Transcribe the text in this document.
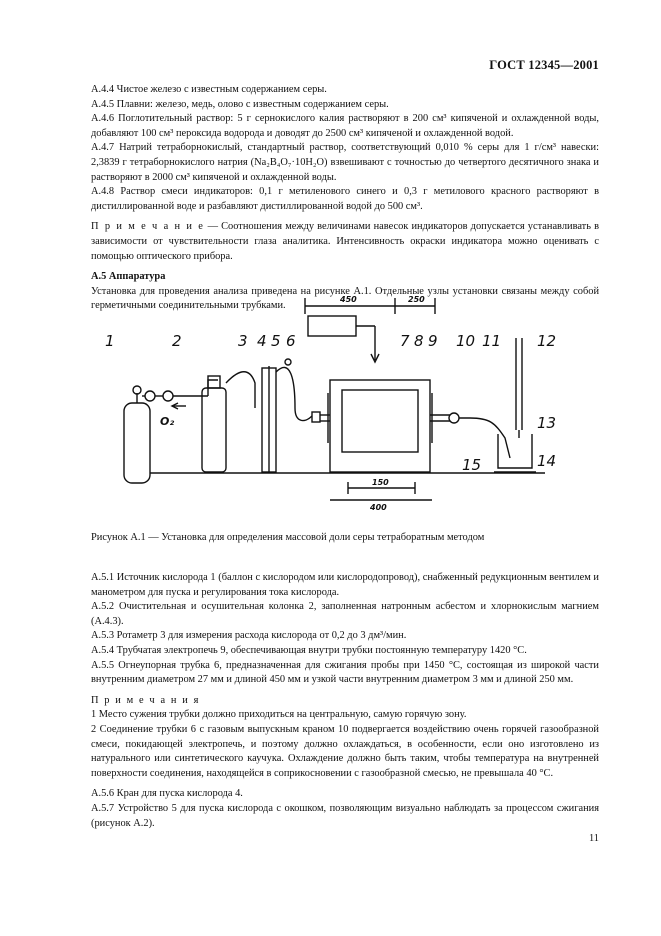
ГОСТ 12345—2001

А.4.4 Чистое железо с известным содержанием серы.

А.4.5 Плавни: железо, медь, олово с известным содержанием серы.

А.4.6 Поглотительный раствор: 5 г сернокислого калия растворяют в 200 см³ кипяченой и охлажденной воды, добавляют 100 см³ пероксида водорода и доводят до 2500 см³ кипяченой и охлажденной водой.

А.4.7 Натрий тетраборнокислый, стандартный раствор, соответствующий 0,010 % серы для 1 г/см³ навески: 2,3839 г тетраборнокислого натрия (Na₂B₄O₇·10H₂O) взвешивают с точностью до четвертого десятичного знака и растворяют в 2000 см³ кипяченой и охлажденной воды.

А.4.8 Раствор смеси индикаторов: 0,1 г метиленового синего и 0,3 г метилового красного растворяют в дистиллированной воде и разбавляют дистиллированной водой до 500 см³.

П р и м е ч а н и е — Соотношения между величинами навесок индикаторов допускается устанавливать в зависимости от чувствительности глаза аналитика. Интенсивность окраски индикатора можно оценивать с помощью оптического прибора.

А.5 Аппаратура

Установка для проведения анализа приведена на рисунке А.1. Отдельные узлы установки связаны между собой герметичными соединительными трубками.

1	2	3 4 5 6	7 8 9 10 11 12
13
14
15
450	250
150
400
O₂
Рисунок А.1 — Установка для определения массовой доли серы тетраборатным методом

А.5.1 Источник кислорода 1 (баллон с кислородом или кислородопровод), снабженный редукционным вентилем и манометром для пуска и регулирования тока кислорода.

А.5.2 Очистительная и осушительная колонка 2, заполненная натронным асбестом и хлорнокислым магнием (А.4.3).

А.5.3 Ротаметр 3 для измерения расхода кислорода от 0,2 до 3 дм³/мин.

А.5.4 Трубчатая электропечь 9, обеспечивающая внутри трубки постоянную температуру 1420 °С.

А.5.5 Огнеупорная трубка 6, предназначенная для сжигания пробы при 1450 °С, состоящая из широкой части внутренним диаметром 27 мм и длиной 450 мм и узкой части внутренним диаметром 3 мм и длиной 250 мм.

П р и м е ч а н и я

1 Место сужения трубки должно приходиться на центральную, самую горячую зону.

2 Соединение трубки 6 с газовым выпускным краном 10 подвергается воздействию очень горячей газообразной смеси, покидающей электропечь, и поэтому должно охлаждаться, в особенности, если оно изготовлено из натурального или синтетического каучука. Охлаждение должно быть таким, чтобы температура на внутренней поверхности соединения, находящейся в соприкосновении с газообразной смесью, не превышала 40 °С.

А.5.6 Кран для пуска кислорода 4.

А.5.7 Устройство 5 для пуска кислорода с окошком, позволяющим визуально наблюдать за процессом сжигания (рисунок А.2).

11
